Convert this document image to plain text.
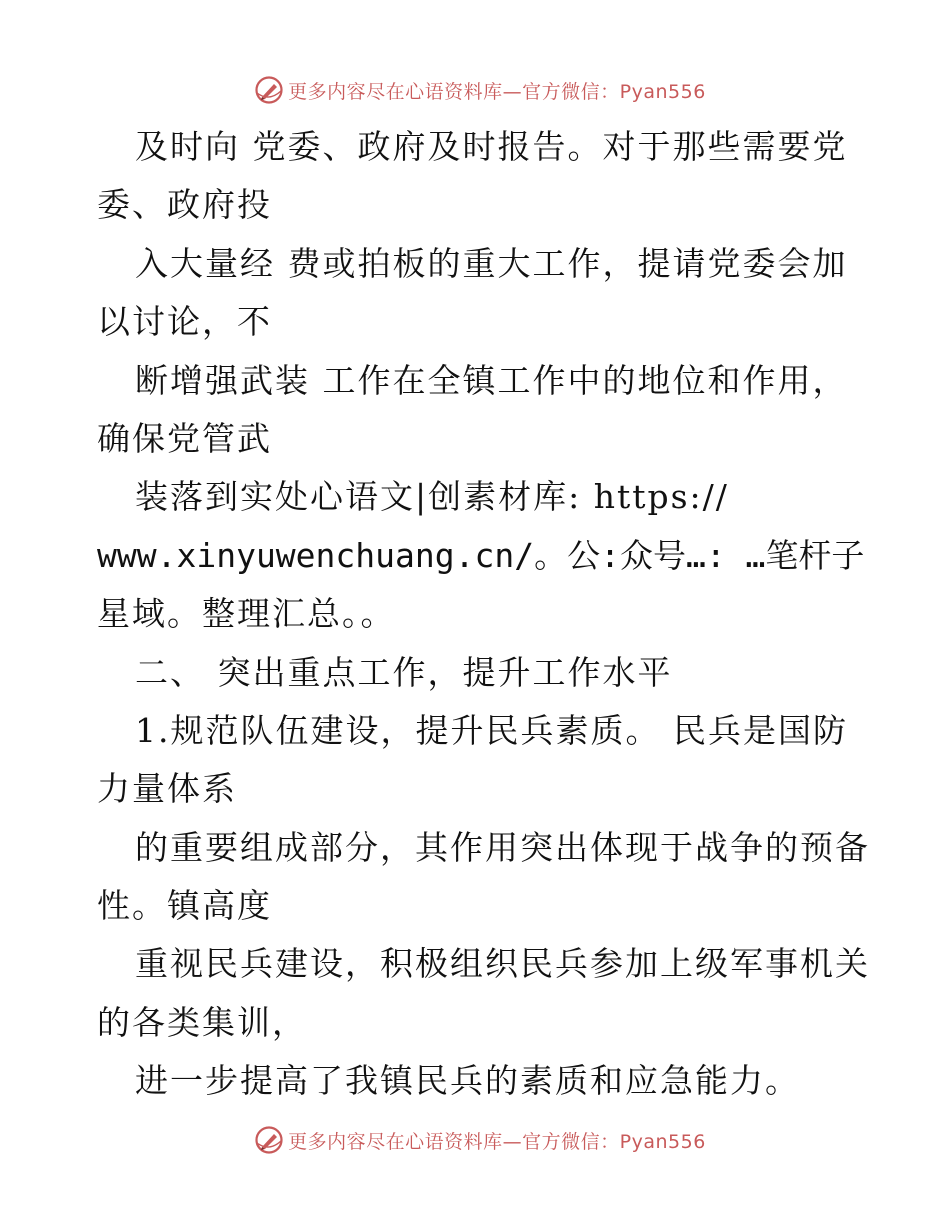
更多内容尽在心语资料库—官方微信：Pyan556
及时向 党委、政府及时报告。对于那些需要党
委、政府投
入大量经 费或拍板的重大工作，提请党委会加
以讨论，不
断增强武装 工作在全镇工作中的地位和作用，
确保党管武
装落到实处心语文|创素材库: https://
www.xinyuwenchuang.cn/。公:众号…: …笔杆子
星域。整理汇总。。
二、 突出重点工作，提升工作水平
1.规范队伍建设，提升民兵素质。 民兵是国防
力量体系
的重要组成部分，其作用突出体现于战争的预备
性。镇高度
重视民兵建设，积极组织民兵参加上级军事机关
的各类集训，
进一步提高了我镇民兵的素质和应急能力。
更多内容尽在心语资料库—官方微信：Pyan556
